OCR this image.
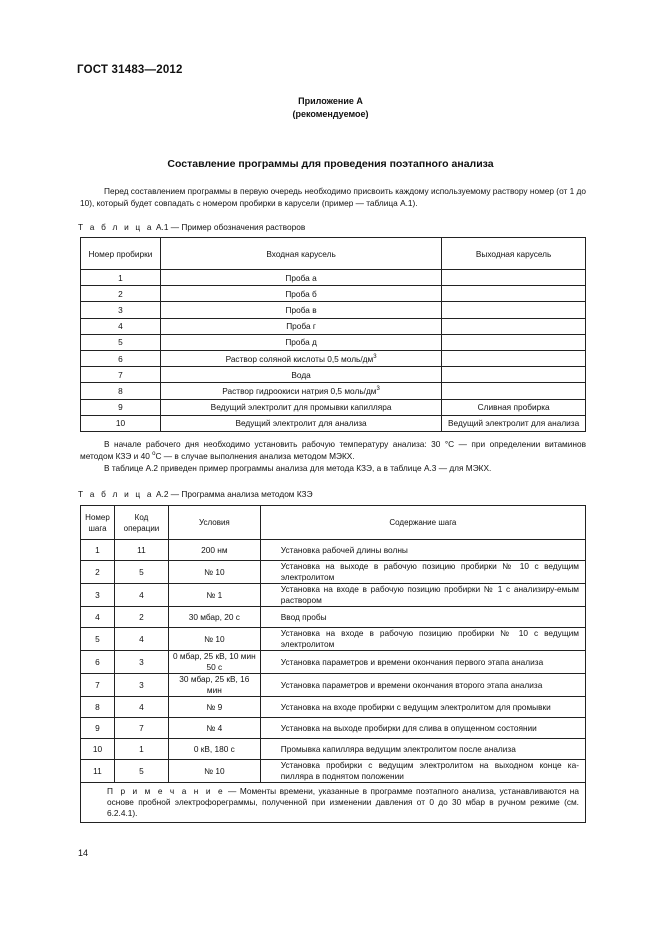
ГОСТ 31483—2012
Приложение А
(рекомендуемое)
Составление программы для проведения поэтапного анализа
Перед составлением программы в первую очередь необходимо присвоить каждому используемому раствору номер (от 1 до 10), который будет совпадать с номером пробирки в карусели (пример — таблица А.1).
Т а б л и ц а А.1 — Пример обозначения растворов
Номер пробирки	Входная карусель	Выходная карусель
1	Проба а	
2	Проба б	
3	Проба в	
4	Проба г	
5	Проба д	
6	Раствор соляной кислоты 0,5 моль/$дм^3$	
7	Вода	
8	Раствор гидроокиси натрия 0,5 моль/$дм^3$	
9	Ведущий электролит для промывки капилляра	Сливная пробирка
10	Ведущий электролит для анализа	Ведущий электролит для анализа
В начале рабочего дня необходимо установить рабочую температуру анализа: 30 °С — при определении витаминов методом КЗЭ и 40 $^о$С — в случае выполнения анализа методом МЭКХ.
В таблице А.2 приведен пример программы анализа для метода КЗЭ, а в таблице А.3 — для МЭКХ.
Т а б л и ц а А.2 — Программа анализа методом КЗЭ
Номер шага	Код операции	Условия	Содержание шага
1	11	200 нм	Установка рабочей длины волны
2	5	№ 10	Установка на выходе в рабочую позицию пробирки № 10 с ведущим электролитом
3	4	№ 1	Установка на входе в рабочую позицию пробирки № 1 с анализиру-емым раствором
4	2	30 мбар, 20 с	Ввод пробы
5	4	№ 10	Установка на входе в рабочую позицию пробирки № 10 с ведущим электролитом
6	3	0 мбар, 25 кВ, 10 мин 50 с	Установка параметров и времени окончания первого этапа анализа
7	3	30 мбар, 25 кВ, 16 мин	Установка параметров и времени окончания второго этапа анализа
8	4	№ 9	Установка на входе пробирки с ведущим электролитом для промывки
9	7	№ 4	Установка на выходе пробирки для слива в опущенном состоянии
10	1	0 кВ, 180 с	Промывка капилляра ведущим электролитом после анализа
11	5	№ 10	Установка пробирки с ведущим электролитом на выходном конце ка-пилляра в поднятом положении
П р и м е ч а н и е — Моменты времени, указанные в программе поэтапного анализа, устанавливаются на основе пробной электрофореграммы, полученной при изменении давления от 0 до 30 мбар в ручном режиме (см. 6.2.4.1).			
14
